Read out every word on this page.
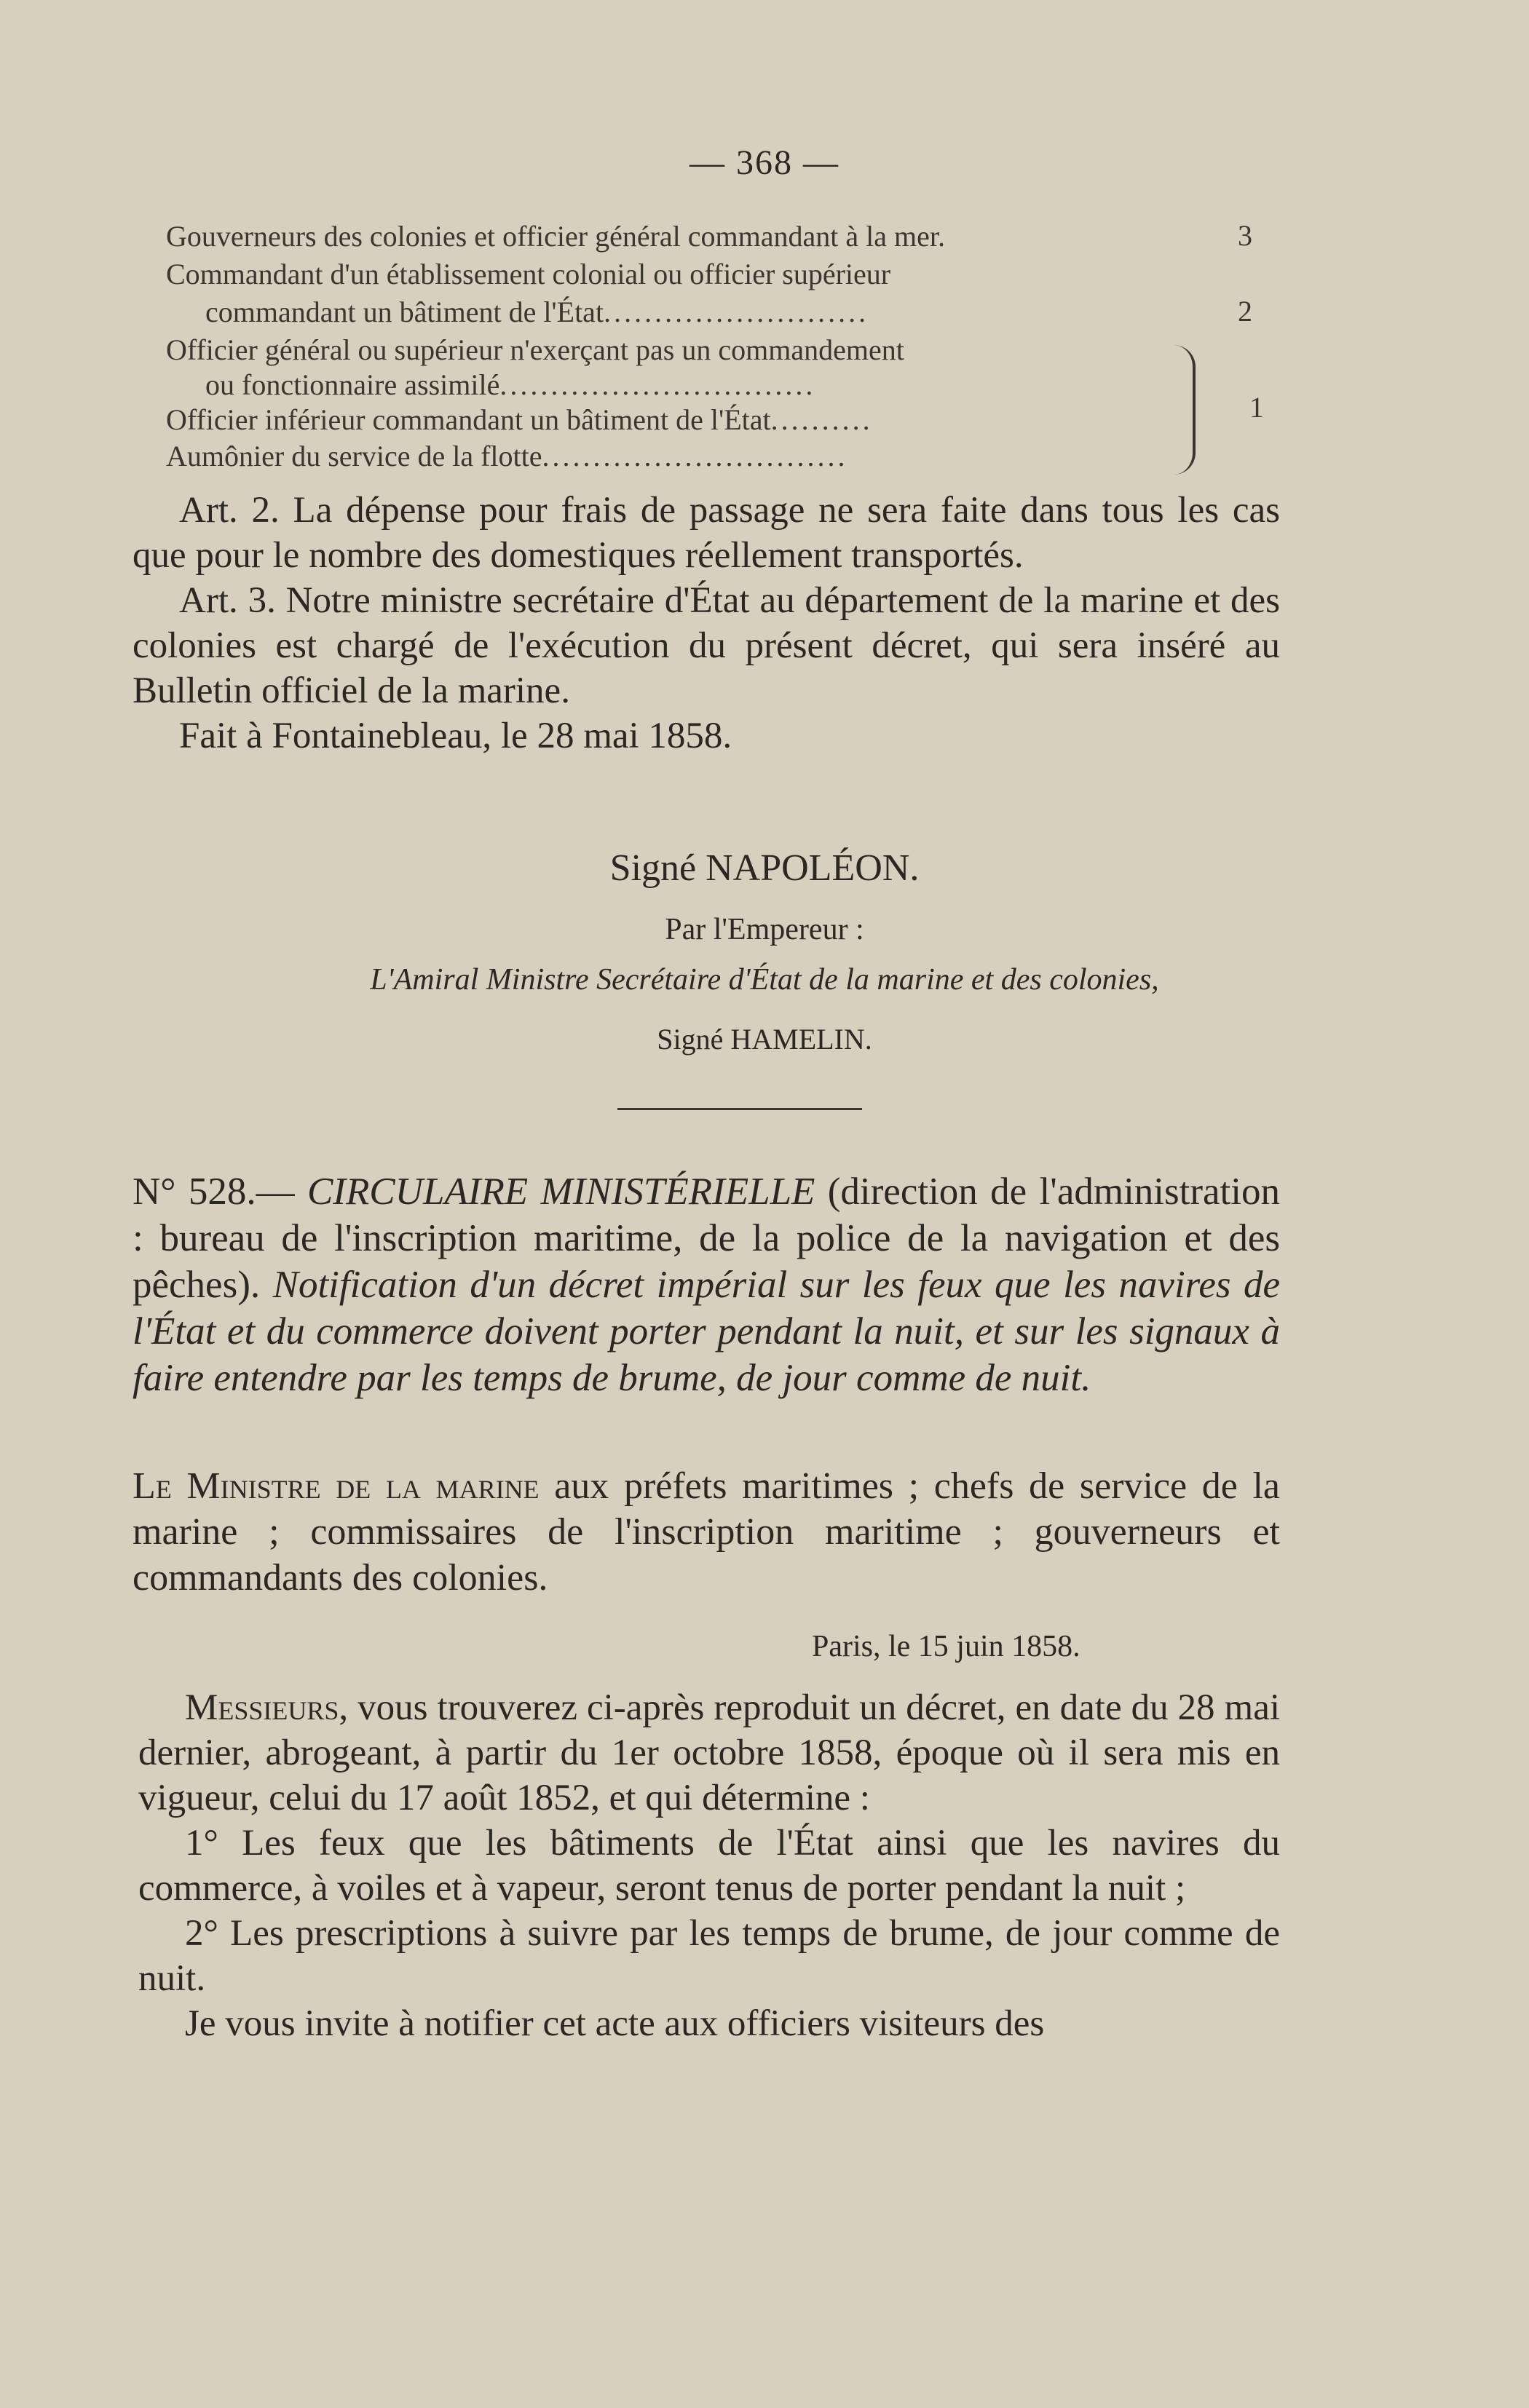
— 368 —
Gouverneurs des colonies et officier général commandant à la mer.	3
Commandant d'un établissement colonial ou officier supérieur
commandant un bâtiment de l'État..........................	2
Officier général ou supérieur n'exerçant pas un commandement
ou fonctionnaire assimilé...............................
Officier inférieur commandant un bâtiment de l'État..........
Aumônier du service de la flotte..............................
1

Art. 2. La dépense pour frais de passage ne sera faite dans tous les cas que pour le nombre des domestiques réellement transportés.

Art. 3. Notre ministre secrétaire d'État au département de la marine et des colonies est chargé de l'exécution du présent décret, qui sera inséré au Bulletin officiel de la marine.

Fait à Fontainebleau, le 28 mai 1858.

Signé NAPOLÉON.
Par l'Empereur :
L'Amiral Ministre Secrétaire d'État de la marine et des colonies,
Signé HAMELIN.

N° 528.— CIRCULAIRE MINISTÉRIELLE (direction de l'administration : bureau de l'inscription maritime, de la police de la navigation et des pêches). Notification d'un décret impérial sur les feux que les navires de l'État et du commerce doivent porter pendant la nuit, et sur les signaux à faire entendre par les temps de brume, de jour comme de nuit.

Le Ministre de la marine aux préfets maritimes ; chefs de service de la marine ; commissaires de l'inscription maritime ; gouverneurs et commandants des colonies.

Paris, le 15 juin 1858.

Messieurs, vous trouverez ci-après reproduit un décret, en date du 28 mai dernier, abrogeant, à partir du 1er octobre 1858, époque où il sera mis en vigueur, celui du 17 août 1852, et qui détermine :

1° Les feux que les bâtiments de l'État ainsi que les navires du commerce, à voiles et à vapeur, seront tenus de porter pendant la nuit ;

2° Les prescriptions à suivre par les temps de brume, de jour comme de nuit.

Je vous invite à notifier cet acte aux officiers visiteurs des
